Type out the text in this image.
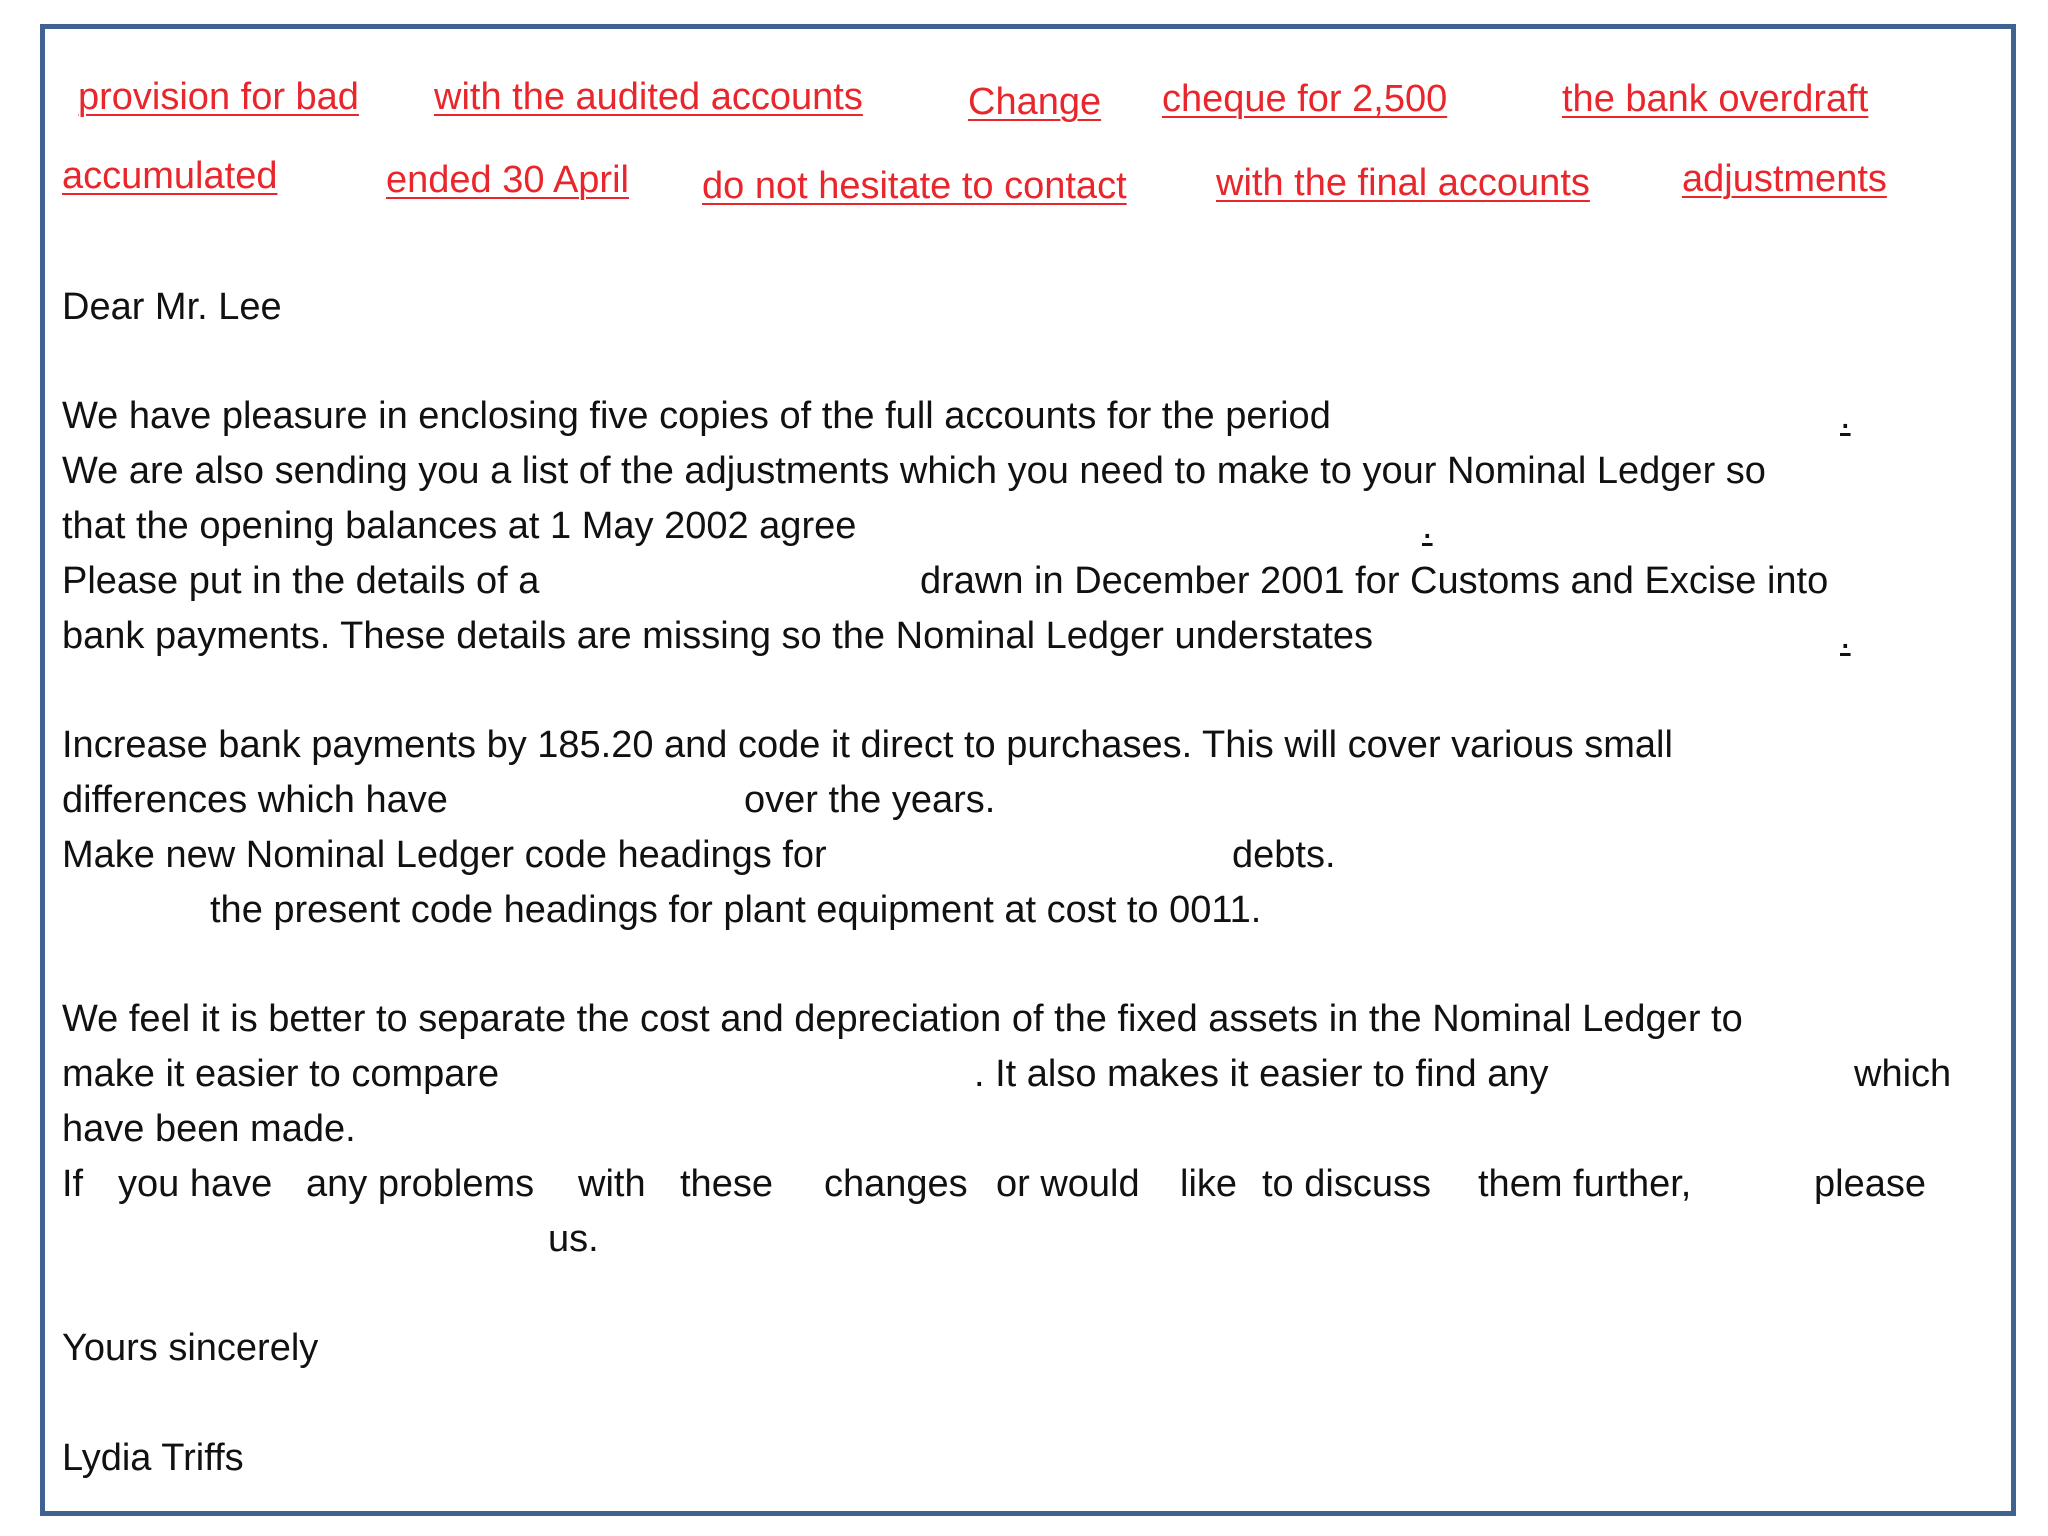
provision for bad with the audited accounts	Change cheque for 2,500	the bank overdraft
accumulated	ended 30 April do not hesitate to contact with the final accounts adjustments
Dear Mr. Lee
We have pleasure in enclosing five copies of the full accounts for the period	.
We are also sending you a list of the adjustments which you need to make to your Nominal Ledger so
that the opening balances at 1 May 2002 agree	.
Please put in the details of a	drawn in December 2001 for Customs and Excise into
bank payments. These details are missing so the Nominal Ledger understates	.
Increase bank payments by 185.20 and code it direct to purchases. This will cover various small
differences which have	over the years.
Make new Nominal Ledger code headings for	debts.
the present code headings for plant equipment at cost to 0011.
We feel it is better to separate the cost and depreciation of the fixed assets in the Nominal Ledger to
make it easier to compare	. It also makes it easier to find any	which
have been made.
If you have any problems with these changes or would like to discuss them further,	please
us.
Yours sincerely
Lydia Triffs
